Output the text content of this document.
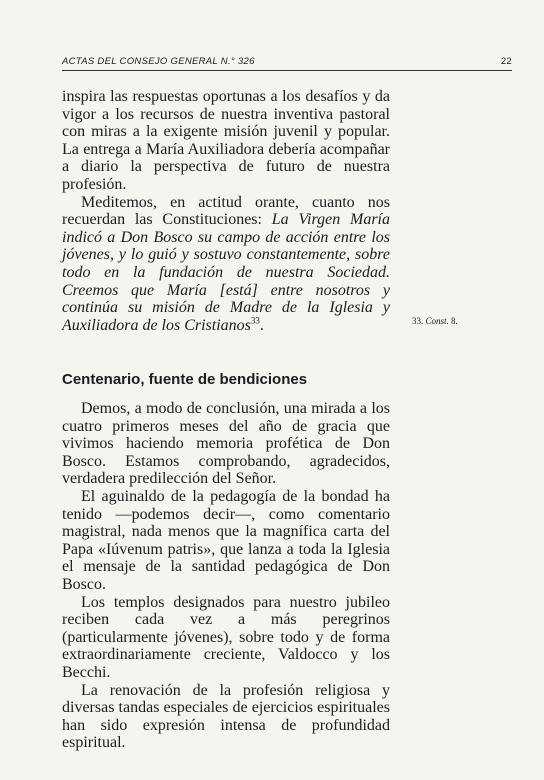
ACTAS DEL CONSEJO GENERAL N.° 326	22

inspira las respuestas oportunas a los desafíos y da vigor a los recursos de nuestra inventiva pastoral con miras a la exigente misión juvenil y popular. La entrega a María Auxiliadora debería acompañar a diario la perspectiva de futuro de nuestra profesión.

Meditemos, en actitud orante, cuanto nos recuerdan las Constituciones: La Virgen María indicó a Don Bosco su campo de acción entre los jóvenes, y lo guió y sostuvo constantemente, sobre todo en la fundación de nuestra Sociedad. Creemos que María [está] entre nosotros y continúa su misión de Madre de la Iglesia y Auxiliadora de los Cristianos$^{33}$.	33. Const. 8.
Centenario, fuente de bendiciones

Demos, a modo de conclusión, una mirada a los cuatro primeros meses del año de gracia que vivimos haciendo memoria profética de Don Bosco. Estamos comprobando, agradecidos, verdadera predilección del Señor.

El aguinaldo de la pedagogía de la bondad ha tenido —podemos decir—, como comentario magistral, nada menos que la magnífica carta del Papa «Iúvenum patris», que lanza a toda la Iglesia el mensaje de la santidad pedagógica de Don Bosco.

Los templos designados para nuestro jubileo reciben cada vez a más peregrinos (particularmente jóvenes), sobre todo y de forma extraordinariamente creciente, Valdocco y los Becchi.

La renovación de la profesión religiosa y diversas tandas especiales de ejercicios espirituales han sido expresión intensa de profundidad espiritual.
